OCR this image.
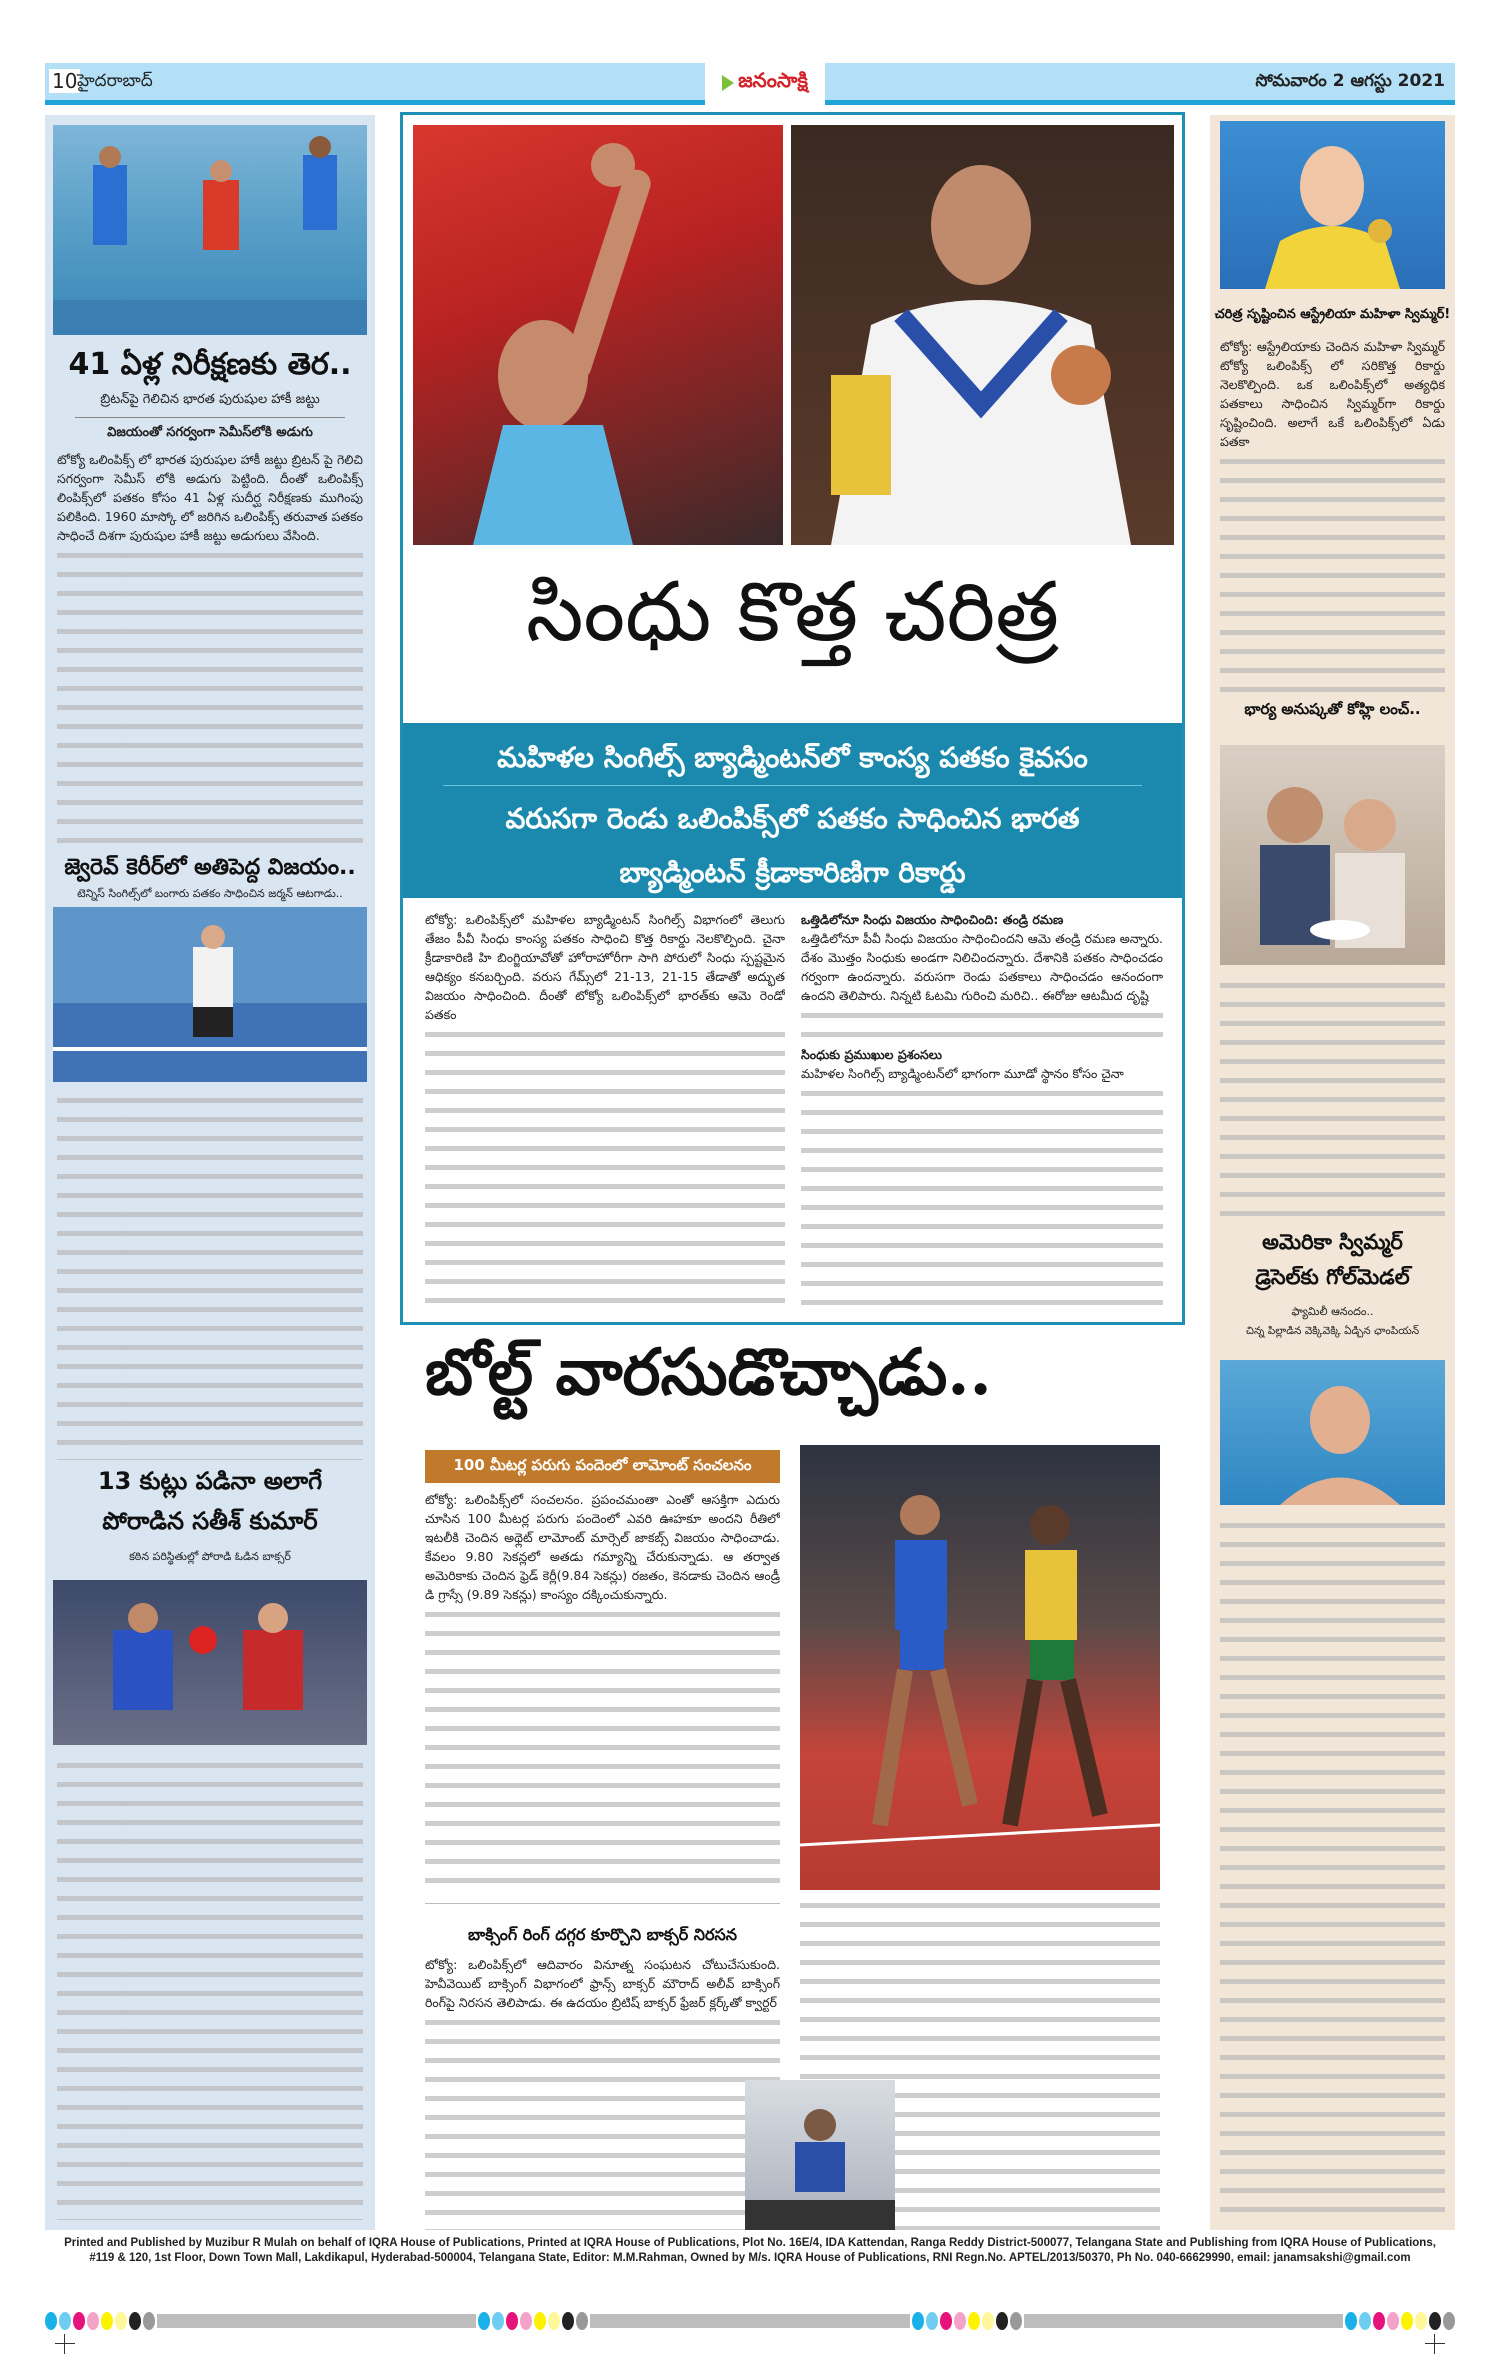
10 హైదరాబాద్	జనంసాక్షి	సోమవారం 2 ఆగస్టు 2021
41 ఏళ్ల నిరీక్షణకు తెర..
బ్రిటన్‌పై గెలిచిన భారత పురుషుల హాకీ జట్టు
విజయంతో సగర్వంగా సెమీస్‌లోకి అడుగు

టోక్యో ఒలింపిక్స్ లో భారత పురుషుల హాకీ జట్టు బ్రిటన్ పై గెలిచి సగర్వంగా సెమీస్ లోకి అడుగు పెట్టింది. దీంతో ఒలింపిక్స్ లింపిక్స్‌లో పతకం కోసం 41 ఏళ్ల సుదీర్ఘ నిరీక్షణకు ముగింపు పలికింది. 1960 మాస్కో లో జరిగిన ఒలింపిక్స్ తరువాత పతకం సాధించే దిశగా పురుషుల హాకీ జట్టు అడుగులు వేసింది.

జ్వెరెవ్ కెరీర్‌లో అతిపెద్ద విజయం..
టెన్నిస్ సింగిల్స్‌లో బంగారు పతకం సాధించిన జర్మన్ ఆటగాడు..
13 కుట్లు పడినా అలాగే
పోరాడిన సతీశ్ కుమార్
కఠిన పరిస్థితుల్లో పోరాడి ఓడిన బాక్సర్
సింధు కొత్త చరిత్ర
మహిళల సింగిల్స్ బ్యాడ్మింటన్‌లో కాంస్య పతకం కైవసం
వరుసగా రెండు ఒలింపిక్స్‌లో పతకం సాధించిన భారత
బ్యాడ్మింటన్ క్రీడాకారిణిగా రికార్డు

టోక్యో: ఒలింపిక్స్‌లో మహిళల బ్యాడ్మింటన్ సింగిల్స్ విభాగంలో తెలుగు తేజం పీవీ సింధు కాంస్య పతకం సాధించి కొత్త రికార్డు నెలకొల్పింది. చైనా క్రీడాకారిణి హి బింగ్జియావోతో హోరాహోరీగా సాగి పోరులో సింధు స్పష్టమైన ఆధిక్యం కనబర్చింది. వరుస గేమ్స్‌లో 21-13, 21-15 తేడాతో అద్భుత విజయం సాధించింది. దీంతో టోక్యో ఒలింపిక్స్‌లో భారత్‌కు ఆమె రెండో పతకం

ఒత్తిడిలోనూ సింధు విజయం సాధించింది: తండ్రి రమణ

ఒత్తిడిలోనూ పీవీ సింధు విజయం సాధించిందని ఆమె తండ్రి రమణ అన్నారు. దేశం మొత్తం సింధుకు అండగా నిలిచిందన్నారు. దేశానికి పతకం సాధించడం గర్వంగా ఉందన్నారు. వరుసగా రెండు పతకాలు సాధించడం ఆనందంగా ఉందని తెలిపారు. నిన్నటి ఓటమి గురించి మరిచి.. ఈరోజు ఆటమీద దృష్టి

సింధుకు ప్రముఖుల ప్రశంసలు

మహిళల సింగిల్స్ బ్యాడ్మింటన్‌లో భాగంగా మూడో స్థానం కోసం చైనా

బోల్ట్ వారసుడొచ్చాడు..
100 మీటర్ల పరుగు పందెంలో లామోంట్ సంచలనం

టోక్యో: ఒలింపిక్స్‌లో సంచలనం. ప్రపంచమంతా ఎంతో ఆసక్తిగా ఎదురు చూసిన 100 మీటర్ల పరుగు పందెంలో ఎవరి ఊహకూ అందని రీతిలో ఇటలీకి చెందిన అథ్లెట్ లామోంట్ మార్సెల్ జాకబ్స్ విజయం సాధించాడు. కేవలం 9.80 సెకన్లలో అతడు గమ్యాన్ని చేరుకున్నాడు. ఆ తర్వాత అమెరికాకు చెందిన ఫ్రెడ్ కెర్లీ(9.84 సెకన్లు) రజతం, కెనడాకు చెందిన ఆండ్రీ డి గ్రాస్సే (9.89 సెకన్లు) కాంస్యం దక్కించుకున్నారు.

బాక్సింగ్ రింగ్ దగ్గర కూర్చొని బాక్సర్ నిరసన

టోక్యో: ఒలింపిక్స్‌లో ఆదివారం వినూత్న సంఘటన చోటుచేసుకుంది. హెవీవెయిట్ బాక్సింగ్ విభాగంలో ఫ్రాన్స్ బాక్సర్ మౌరాద్ అలీవ్ బాక్సింగ్ రింగ్‌పై నిరసన తెలిపాడు. ఈ ఉదయం బ్రిటిష్ బాక్సర్ ఫ్రేజర్ క్లర్క్‌తో క్వార్టర్

చరిత్ర సృష్టించిన ఆస్ట్రేలియా మహిళా స్విమ్మర్!

టోక్యో: ఆస్ట్రేలియాకు చెందిన మహిళా స్విమ్మర్ టోక్యో ఒలింపిక్స్ లో సరికొత్త రికార్డు నెలకొల్పింది. ఒక ఒలింపిక్స్‌లో అత్యధిక పతకాలు సాధించిన స్విమ్మర్‌గా రికార్డు సృష్టించింది. అలాగే ఒకే ఒలింపిక్స్‌లో ఏడు పతకా

భార్య అనుష్కతో కోహ్లి లంచ్..
అమెరికా స్విమ్మర్
డ్రెసెల్‌కు గోల్‌మెడల్
ఫ్యామిలీ ఆనందం..
చిన్న పిల్లాడిన వెక్కివెక్కి ఏడ్చిన ఛాంపియన్
Printed and Published by Muzibur R Mulah on behalf of IQRA House of Publications, Printed at IQRA House of Publications, Plot No. 16E/4, IDA Kattendan, Ranga Reddy District-500077, Telangana State and Publishing from IQRA House of Publications,
#119 & 120, 1st Floor, Down Town Mall, Lakdikapul, Hyderabad-500004, Telangana State, Editor: M.M.Rahman, Owned by M/s. IQRA House of Publications, RNI Regn.No. APTEL/2013/50370, Ph No. 040-66629990, email: janamsakshi@gmail.com
